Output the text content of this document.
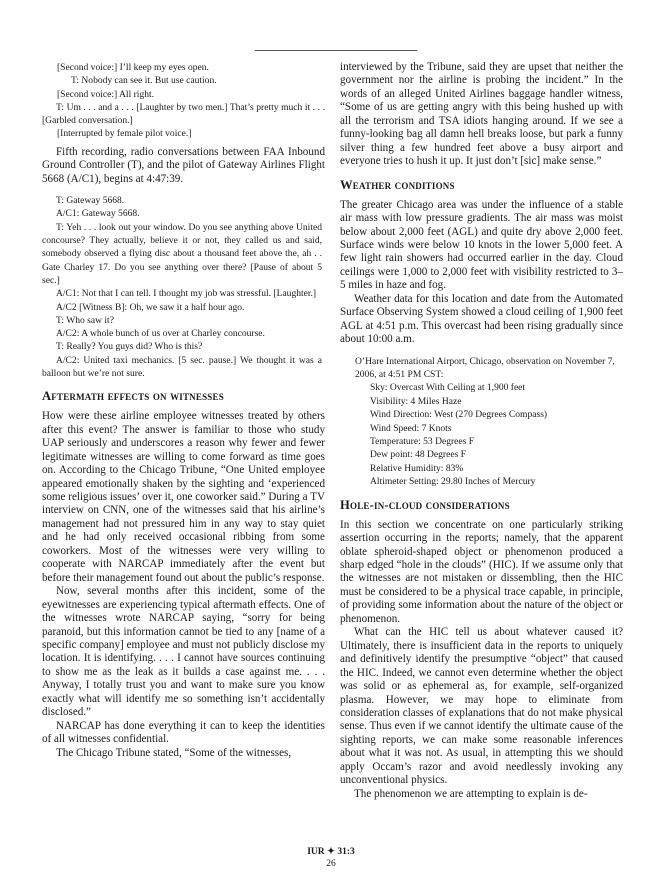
[Second voice:] I’ll keep my eyes open.

T: Nobody can see it. But use caution.

[Second voice:] All right.

T: Um . . . and a . . . [Laughter by two men.] That’s pretty much it . . . [Garbled conversation.]

[Interrupted by female pilot voice.]

Fifth recording, radio conversations between FAA Inbound Ground Controller (T), and the pilot of Gateway Airlines Flight 5668 (A/C1), begins at 4:47:39.

T: Gateway 5668.

A/C1: Gateway 5668.

T: Yeh . . . look out your window. Do you see anything above United concourse? They actually, believe it or not, they called us and said, somebody observed a flying disc about a thousand feet above the, ah . . Gate Charley 17. Do you see anything over there? [Pause of about 5 sec.]

A/C1: Not that I can tell. I thought my job was stressful. [Laughter.]

A/C2 [Witness B]: Oh, we saw it a half hour ago.

T: Who saw it?

A/C2: A whole bunch of us over at Charley concourse.

T: Really? You guys did? Who is this?

A/C2: United taxi mechanics. [5 sec. pause.] We thought it was a balloon but we’re not sure.

Aftermath effects on witnesses

How were these airline employee witnesses treated by others after this event? The answer is familiar to those who study UAP seriously and underscores a reason why fewer and fewer legitimate witnesses are willing to come forward as time goes on. According to the Chicago Tribune, “One United employee appeared emotionally shaken by the sighting and ‘experienced some religious issues’ over it, one coworker said.” During a TV interview on CNN, one of the witnesses said that his airline’s management had not pressured him in any way to stay quiet and he had only received occasional ribbing from some coworkers. Most of the witnesses were very willing to cooperate with NARCAP immediately after the event but before their management found out about the public’s response.

Now, several months after this incident, some of the eyewitnesses are experiencing typical aftermath effects. One of the witnesses wrote NARCAP saying, “sorry for being paranoid, but this information cannot be tied to any [name of a specific company] employee and must not publicly disclose my location. It is identifying. . . . I cannot have sources continuing to show me as the leak as it builds a case against me. . . . Anyway, I totally trust you and want to make sure you know exactly what will identify me so something isn’t accidentally disclosed.”

NARCAP has done everything it can to keep the identities of all witnesses confidential.

The Chicago Tribune stated, “Some of the witnesses,

interviewed by the Tribune, said they are upset that neither the government nor the airline is probing the incident.” In the words of an alleged United Airlines baggage handler witness, “Some of us are getting angry with this being hushed up with all the terrorism and TSA idiots hanging around. If we see a funny-looking bag all damn hell breaks loose, but park a funny silver thing a few hundred feet above a busy airport and everyone tries to hush it up. It just don’t [sic] make sense.”

Weather conditions

The greater Chicago area was under the influence of a stable air mass with low pressure gradients. The air mass was moist below about 2,000 feet (AGL) and quite dry above 2,000 feet. Surface winds were below 10 knots in the lower 5,000 feet. A few light rain showers had occurred earlier in the day. Cloud ceilings were 1,000 to 2,000 feet with visibility restricted to 3–5 miles in haze and fog.

Weather data for this location and date from the Automated Surface Observing System showed a cloud ceiling of 1,900 feet AGL at 4:51 p.m. This overcast had been rising gradually since about 10:00 a.m.

O’Hare International Airport, Chicago, observation on November 7, 2006, at 4:51 PM CST:

Sky: Overcast With Ceiling at 1,900 feet

Visibility: 4 Miles Haze

Wind Direction: West (270 Degrees Compass)

Wind Speed: 7 Knots

Temperature: 53 Degrees F

Dew point: 48 Degrees F

Relative Humidity: 83%

Altimeter Setting: 29.80 Inches of Mercury

Hole-in-cloud considerations

In this section we concentrate on one particularly striking assertion occurring in the reports; namely, that the apparent oblate spheroid-shaped object or phenomenon produced a sharp edged “hole in the clouds” (HIC). If we assume only that the witnesses are not mistaken or dissembling, then the HIC must be considered to be a physical trace capable, in principle, of providing some information about the nature of the object or phenomenon.

What can the HIC tell us about whatever caused it? Ultimately, there is insufficient data in the reports to uniquely and definitively identify the presumptive “object” that caused the HIC. Indeed, we cannot even determine whether the object was solid or as ephemeral as, for example, self-organized plasma. However, we may hope to eliminate from consideration classes of explanations that do not make physical sense. Thus even if we cannot identify the ultimate cause of the sighting reports, we can make some reasonable inferences about what it was not. As usual, in attempting this we should apply Occam’s razor and avoid needlessly invoking any unconventional physics.

The phenomenon we are attempting to explain is de-

IUR ✦ 31:3
26
